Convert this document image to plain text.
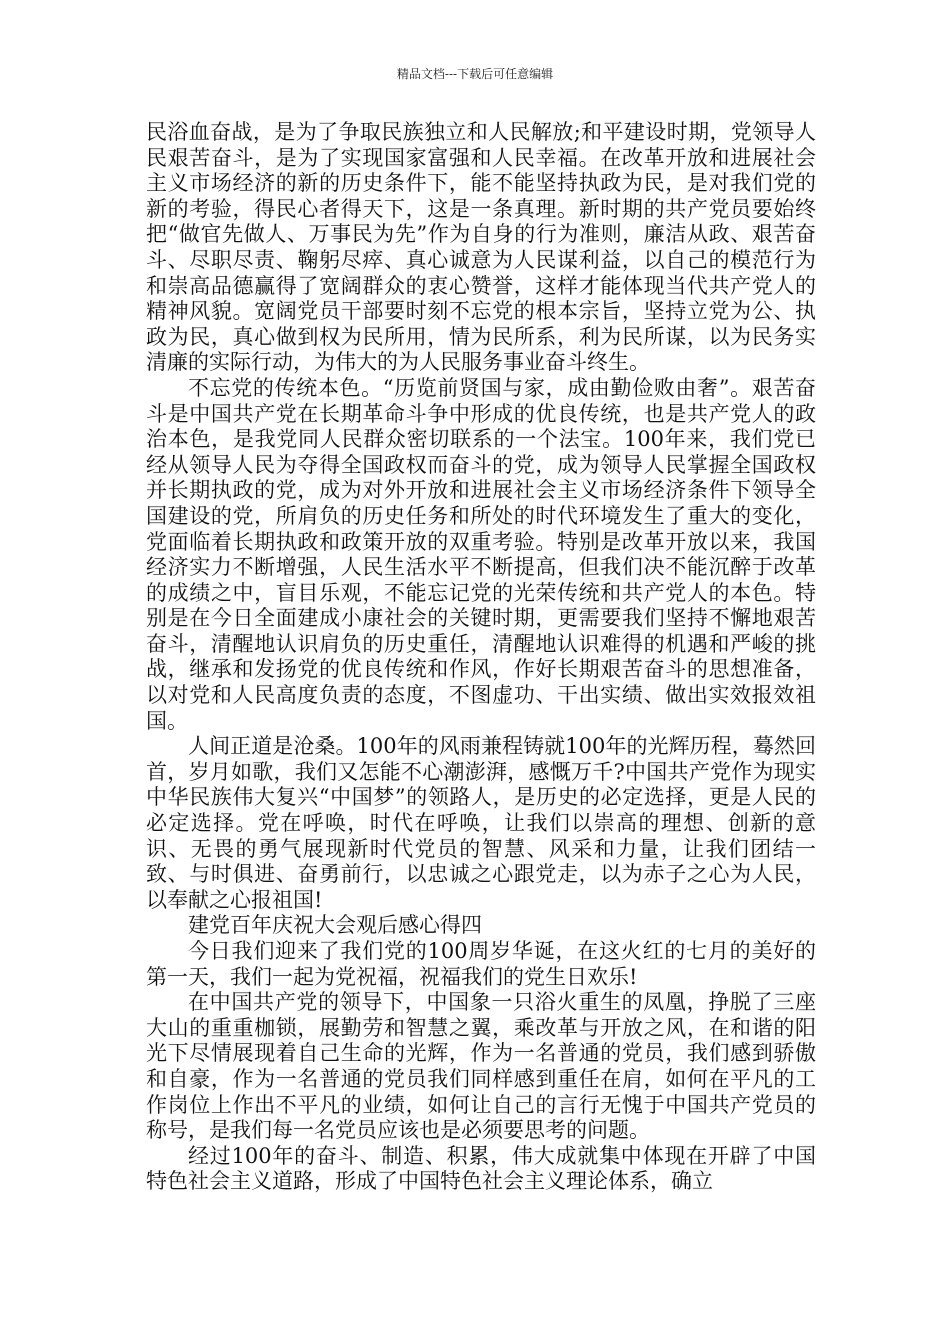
精品文档---下载后可任意编辑

民浴血奋战，是为了争取民族独立和人民解放;和平建设时期，党领导人民艰苦奋斗，是为了实现国家富强和人民幸福。在改革开放和进展社会主义市场经济的新的历史条件下，能不能坚持执政为民，是对我们党的新的考验，得民心者得天下，这是一条真理。新时期的共产党员要始终把“做官先做人、万事民为先”作为自身的行为准则，廉洁从政、艰苦奋斗、尽职尽责、鞠躬尽瘁、真心诚意为人民谋利益，以自己的模范行为和崇高品德赢得了宽阔群众的衷心赞誉，这样才能体现当代共产党人的精神风貌。宽阔党员干部要时刻不忘党的根本宗旨，坚持立党为公、执政为民，真心做到权为民所用，情为民所系，利为民所谋，以为民务实清廉的实际行动，为伟大的为人民服务事业奋斗终生。

不忘党的传统本色。“历览前贤国与家，成由勤俭败由奢”。艰苦奋斗是中国共产党在长期革命斗争中形成的优良传统，也是共产党人的政治本色，是我党同人民群众密切联系的一个法宝。100年来，我们党已经从领导人民为夺得全国政权而奋斗的党，成为领导人民掌握全国政权并长期执政的党，成为对外开放和进展社会主义市场经济条件下领导全国建设的党，所肩负的历史任务和所处的时代环境发生了重大的变化，党面临着长期执政和政策开放的双重考验。特别是改革开放以来，我国经济实力不断增强，人民生活水平不断提高，但我们决不能沉醉于改革的成绩之中，盲目乐观，不能忘记党的光荣传统和共产党人的本色。特别是在今日全面建成小康社会的关键时期，更需要我们坚持不懈地艰苦奋斗，清醒地认识肩负的历史重任，清醒地认识难得的机遇和严峻的挑战，继承和发扬党的优良传统和作风，作好长期艰苦奋斗的思想准备，以对党和人民高度负责的态度，不图虚功、干出实绩、做出实效报效祖国。

人间正道是沧桑。100年的风雨兼程铸就100年的光辉历程，蓦然回首，岁月如歌，我们又怎能不心潮澎湃，感慨万千?中国共产党作为现实中华民族伟大复兴“中国梦”的领路人，是历史的必定选择，更是人民的必定选择。党在呼唤，时代在呼唤，让我们以崇高的理想、创新的意识、无畏的勇气展现新时代党员的智慧、风采和力量，让我们团结一致、与时俱进、奋勇前行，以忠诚之心跟党走，以为赤子之心为人民，以奉献之心报祖国!

建党百年庆祝大会观后感心得四

今日我们迎来了我们党的100周岁华诞，在这火红的七月的美好的第一天，我们一起为党祝福，祝福我们的党生日欢乐!

在中国共产党的领导下，中国象一只浴火重生的凤凰，挣脱了三座大山的重重枷锁，展勤劳和智慧之翼，乘改革与开放之风，在和谐的阳光下尽情展现着自己生命的光辉，作为一名普通的党员，我们感到骄傲和自豪，作为一名普通的党员我们同样感到重任在肩，如何在平凡的工作岗位上作出不平凡的业绩，如何让自己的言行无愧于中国共产党员的称号，是我们每一名党员应该也是必须要思考的问题。

经过100年的奋斗、制造、积累，伟大成就集中体现在开辟了中国特色社会主义道路，形成了中国特色社会主义理论体系，确立
